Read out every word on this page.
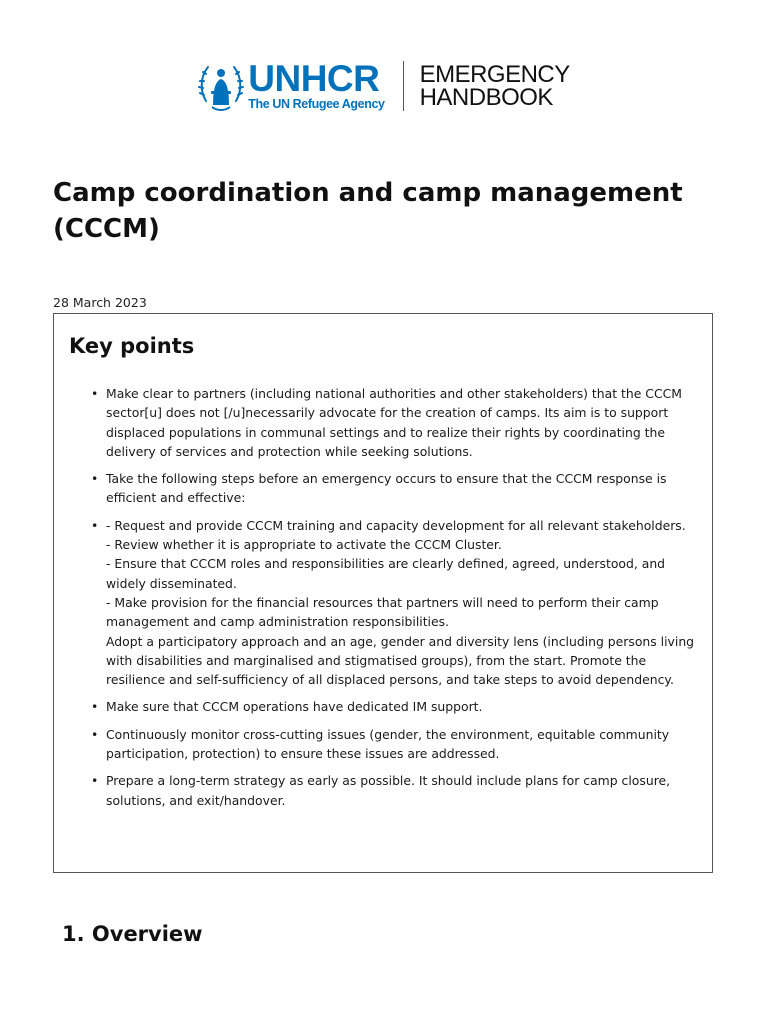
UNHCR
The UN Refugee Agency
EMERGENCY
HANDBOOK
Camp coordination and camp management (CCCM)
28 March 2023
Key points
• Make clear to partners (including national authorities and other stakeholders) that the CCCM sector[u] does not [/u]necessarily advocate for the creation of camps. Its aim is to support displaced populations in communal settings and to realize their rights by coordinating the delivery of services and protection while seeking solutions.
• Take the following steps before an emergency occurs to ensure that the CCCM response is efficient and effective:
• - Request and provide CCCM training and capacity development for all relevant stakeholders.
- Review whether it is appropriate to activate the CCCM Cluster.
- Ensure that CCCM roles and responsibilities are clearly defined, agreed, understood, and widely disseminated.
- Make provision for the financial resources that partners will need to perform their camp management and camp administration responsibilities.
Adopt a participatory approach and an age, gender and diversity lens (including persons living with disabilities and marginalised and stigmatised groups), from the start. Promote the resilience and self-sufficiency of all displaced persons, and take steps to avoid dependency.
• Make sure that CCCM operations have dedicated IM support.
• Continuously monitor cross-cutting issues (gender, the environment, equitable community participation, protection) to ensure these issues are addressed.
• Prepare a long-term strategy as early as possible. It should include plans for camp closure, solutions, and exit/handover.
1. Overview
